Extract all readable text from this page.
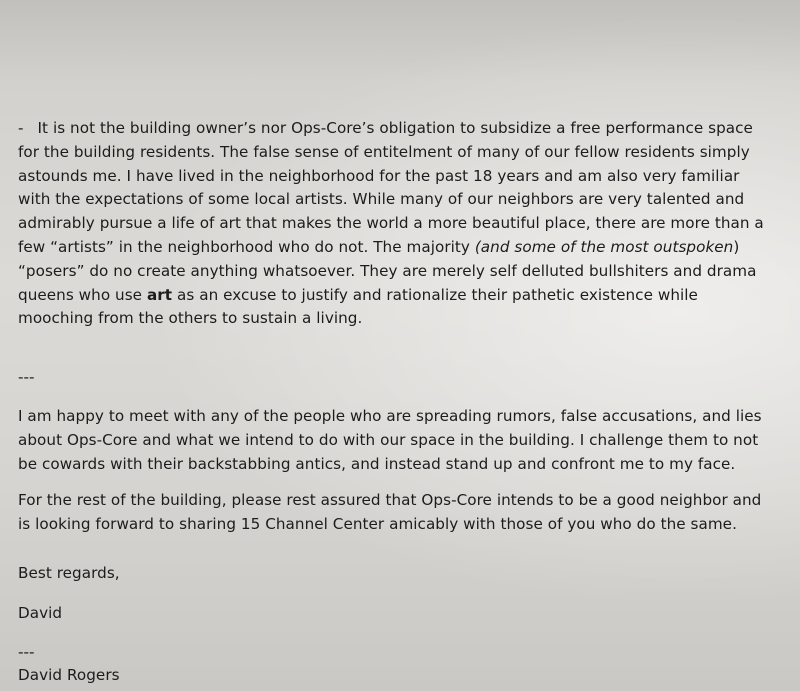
- It is not the building owner’s nor Ops-Core’s obligation to subsidize a free performance space
for the building residents. The false sense of entitelment of many of our fellow residents simply
astounds me. I have lived in the neighborhood for the past 18 years and am also very familiar
with the expectations of some local artists. While many of our neighbors are very talented and
admirably pursue a life of art that makes the world a more beautiful place, there are more than a
few “artists” in the neighborhood who do not. The majority (and some of the most outspoken)
“posers” do no create anything whatsoever. They are merely self delluted bullshiters and drama
queens who use art as an excuse to justify and rationalize their pathetic existence while
mooching from the others to sustain a living.
---
I am happy to meet with any of the people who are spreading rumors, false accusations, and lies
about Ops-Core and what we intend to do with our space in the building. I challenge them to not
be cowards with their backstabbing antics, and instead stand up and confront me to my face.
For the rest of the building, please rest assured that Ops-Core intends to be a good neighbor and
is looking forward to sharing 15 Channel Center amicably with those of you who do the same.
Best regards,
David
---
David Rogers
